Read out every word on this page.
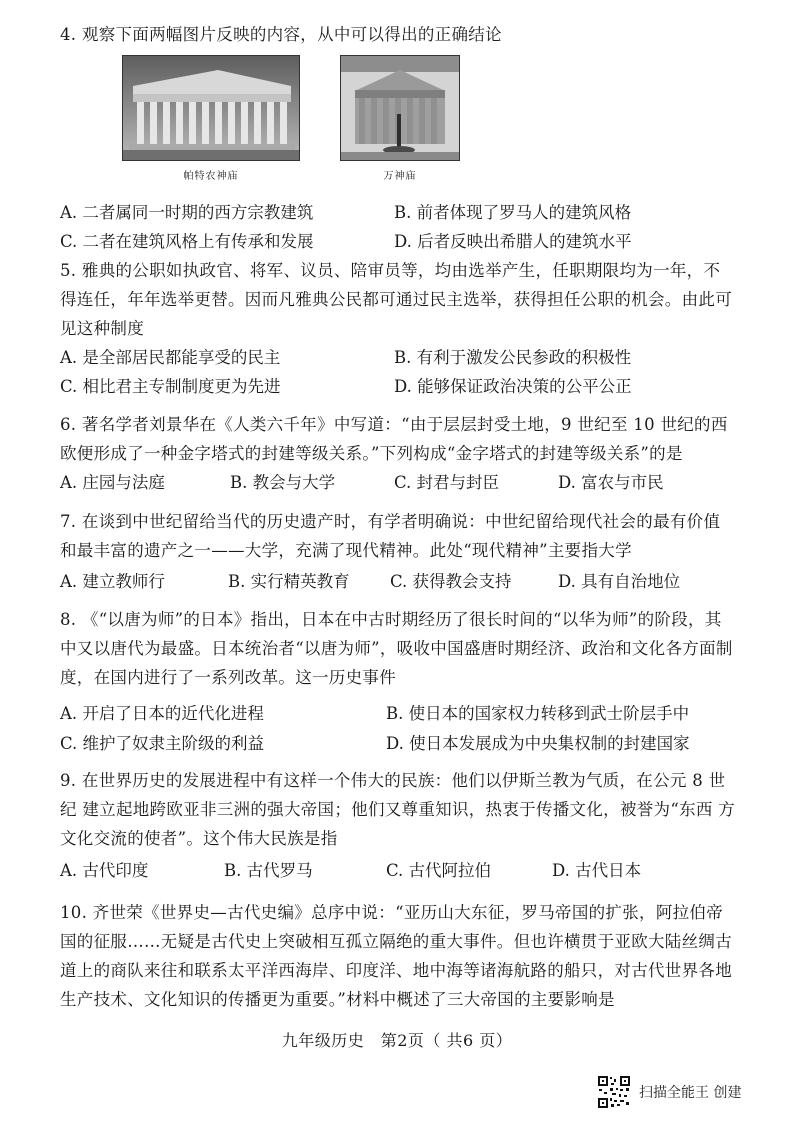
4. 观察下面两幅图片反映的内容，从中可以得出的正确结论
帕特农神庙	万神庙
A. 二者属同一时期的西方宗教建筑	B. 前者体现了罗马人的建筑风格
C. 二者在建筑风格上有传承和发展	D. 后者反映出希腊人的建筑水平
5. 雅典的公职如执政官、将军、议员、陪审员等，均由选举产生，任职期限均为一年，不得连任，年年选举更替。因而凡雅典公民都可通过民主选举，获得担任公职的机会。由此可见这种制度
A. 是全部居民都能享受的民主	B. 有利于激发公民参政的积极性
C. 相比君主专制制度更为先进	D. 能够保证政治决策的公平公正
6. 著名学者刘景华在《人类六千年》中写道：“由于层层封受土地，9 世纪至 10 世纪的西欧便形成了一种金字塔式的封建等级关系。”下列构成“金字塔式的封建等级关系”的是
A. 庄园与法庭	B. 教会与大学	C. 封君与封臣	D. 富农与市民
7. 在谈到中世纪留给当代的历史遗产时，有学者明确说：中世纪留给现代社会的最有价值和最丰富的遗产之一——大学，充满了现代精神。此处“现代精神”主要指大学
A. 建立教师行	B. 实行精英教育 C. 获得教会支持	D. 具有自治地位
8. 《“以唐为师”的日本》指出，日本在中古时期经历了很长时间的“以华为师”的阶段，其中又以唐代为最盛。日本统治者“以唐为师”，吸收中国盛唐时期经济、政治和文化各方面制度，在国内进行了一系列改革。这一历史事件
A. 开启了日本的近代化进程	B. 使日本的国家权力转移到武士阶层手中
C. 维护了奴隶主阶级的利益	D. 使日本发展成为中央集权制的封建国家
9. 在世界历史的发展进程中有这样一个伟大的民族：他们以伊斯兰教为气质，在公元 8 世纪 建立起地跨欧亚非三洲的强大帝国；他们又尊重知识，热衷于传播文化，被誉为“东西 方文化交流的使者”。这个伟大民族是指
A. 古代印度	B. 古代罗马	C. 古代阿拉伯	D. 古代日本
10. 齐世荣《世界史—古代史编》总序中说：“亚历山大东征，罗马帝国的扩张，阿拉伯帝国的征服……无疑是古代史上突破相互孤立隔绝的重大事件。但也许横贯于亚欧大陆丝绸古道上的商队来往和联系太平洋西海岸、印度洋、地中海等诸海航路的船只，对古代世界各地生产技术、文化知识的传播更为重要。”材料中概述了三大帝国的主要影响是
九年级历史　第2页（ 共6 页）
扫描全能王 创建
